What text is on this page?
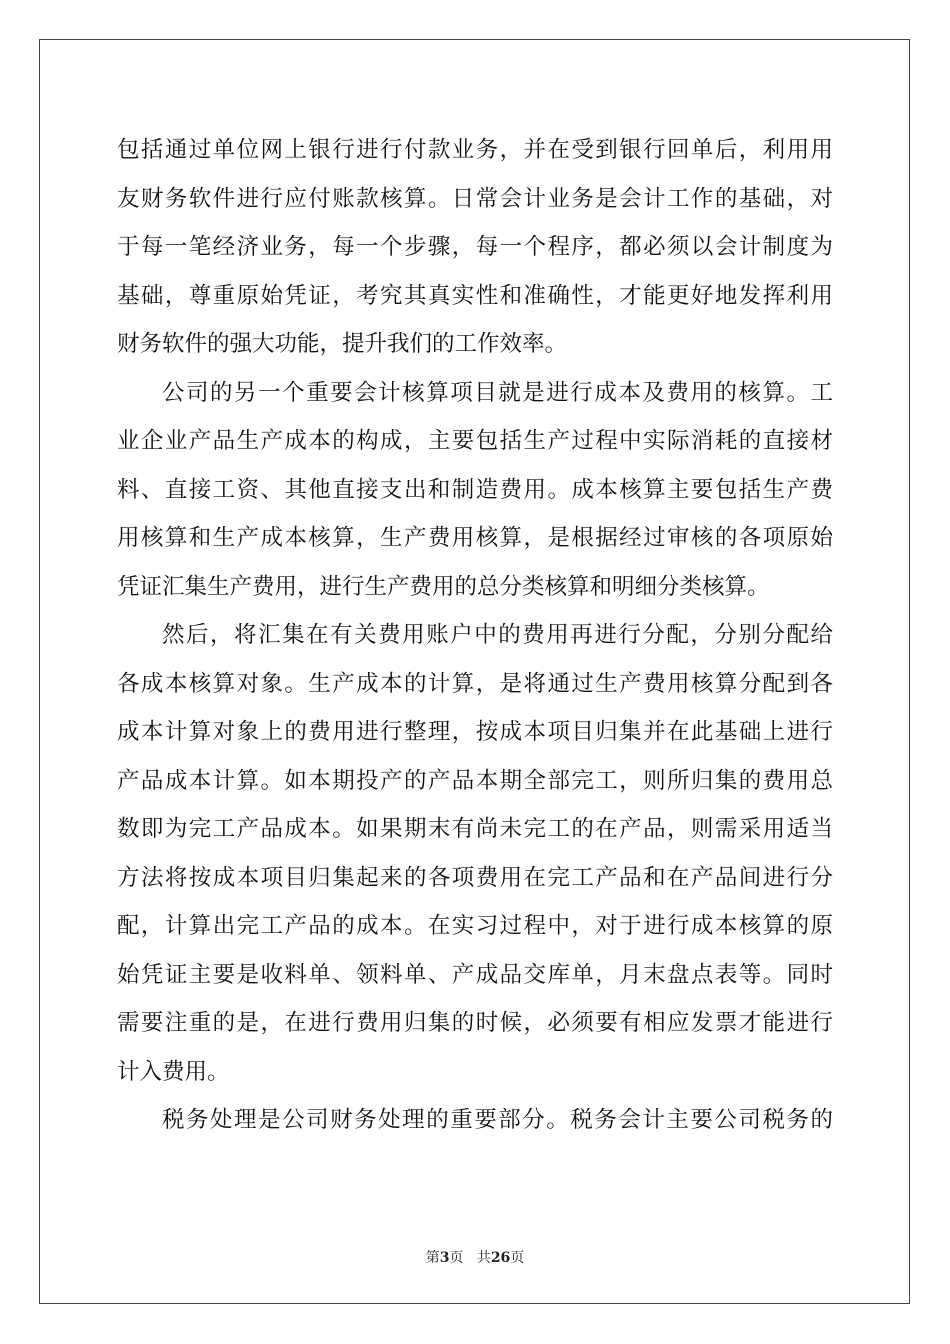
包括通过单位网上银行进行付款业务，并在受到银行回单后，利用用
友财务软件进行应付账款核算。日常会计业务是会计工作的基础，对
于每一笔经济业务，每一个步骤，每一个程序，都必须以会计制度为
基础，尊重原始凭证，考究其真实性和准确性，才能更好地发挥利用
财务软件的强大功能，提升我们的工作效率。
公司的另一个重要会计核算项目就是进行成本及费用的核算。工
业企业产品生产成本的构成，主要包括生产过程中实际消耗的直接材
料、直接工资、其他直接支出和制造费用。成本核算主要包括生产费
用核算和生产成本核算，生产费用核算，是根据经过审核的各项原始
凭证汇集生产费用，进行生产费用的总分类核算和明细分类核算。
然后，将汇集在有关费用账户中的费用再进行分配，分别分配给
各成本核算对象。生产成本的计算，是将通过生产费用核算分配到各
成本计算对象上的费用进行整理，按成本项目归集并在此基础上进行
产品成本计算。如本期投产的产品本期全部完工，则所归集的费用总
数即为完工产品成本。如果期末有尚未完工的在产品，则需采用适当
方法将按成本项目归集起来的各项费用在完工产品和在产品间进行分
配，计算出完工产品的成本。在实习过程中，对于进行成本核算的原
始凭证主要是收料单、领料单、产成品交库单，月末盘点表等。同时
需要注重的是，在进行费用归集的时候，必须要有相应发票才能进行
计入费用。
税务处理是公司财务处理的重要部分。税务会计主要公司税务的
第3页 共26页
